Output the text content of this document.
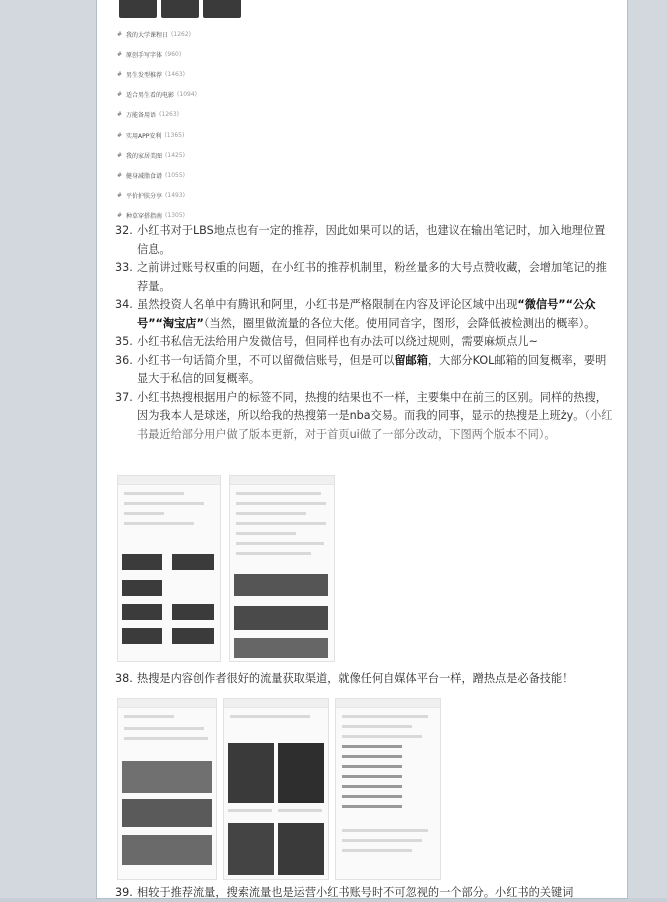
# 我的大学课程日 (1262)
# 原创手写字体 (960)
# 男生发型推荐 (1463)
# 适合男生看的电影 (1094)
# 万能备用语 (1263)
# 实用APP安利 (1365)
# 我的家居美图 (1425)
# 健身减脂食谱 (1055)
# 平价护肤分享 (1493)
# 种草穿搭指南 (1305)
32. 小红书对于LBS地点也有一定的推荐，因此如果可以的话，也建议在输出笔记时，加入地理位置信息。
33. 之前讲过账号权重的问题，在小红书的推荐机制里，粉丝量多的大号点赞收藏，会增加笔记的推荐量。
34. 虽然投资人名单中有腾讯和阿里，小红书是严格限制在内容及评论区域中出现“微信号”“公众号”“淘宝店”（当然，圈里做流量的各位大佬。使用同音字，图形，会降低被检测出的概率）。
35. 小红书私信无法给用户发微信号，但同样也有办法可以绕过规则，需要麻烦点儿~
36. 小红书一句话简介里，不可以留微信账号，但是可以留邮箱，大部分KOL邮箱的回复概率，要明显大于私信的回复概率。
37. 小红书热搜根据用户的标签不同，热搜的结果也不一样，主要集中在前三的区别。同样的热搜，因为我本人是球迷，所以给我的热搜第一是nba交易。而我的同事，显示的热搜是上班ży。（小红书最近给部分用户做了版本更新，对于首页ui做了一部分改动，下图两个版本不同）。
38. 热搜是内容创作者很好的流量获取渠道，就像任何自媒体平台一样，蹭热点是必备技能！
39. 相较于推荐流量，搜索流量也是运营小红书账号时不可忽视的一个部分。小红书的关键词
